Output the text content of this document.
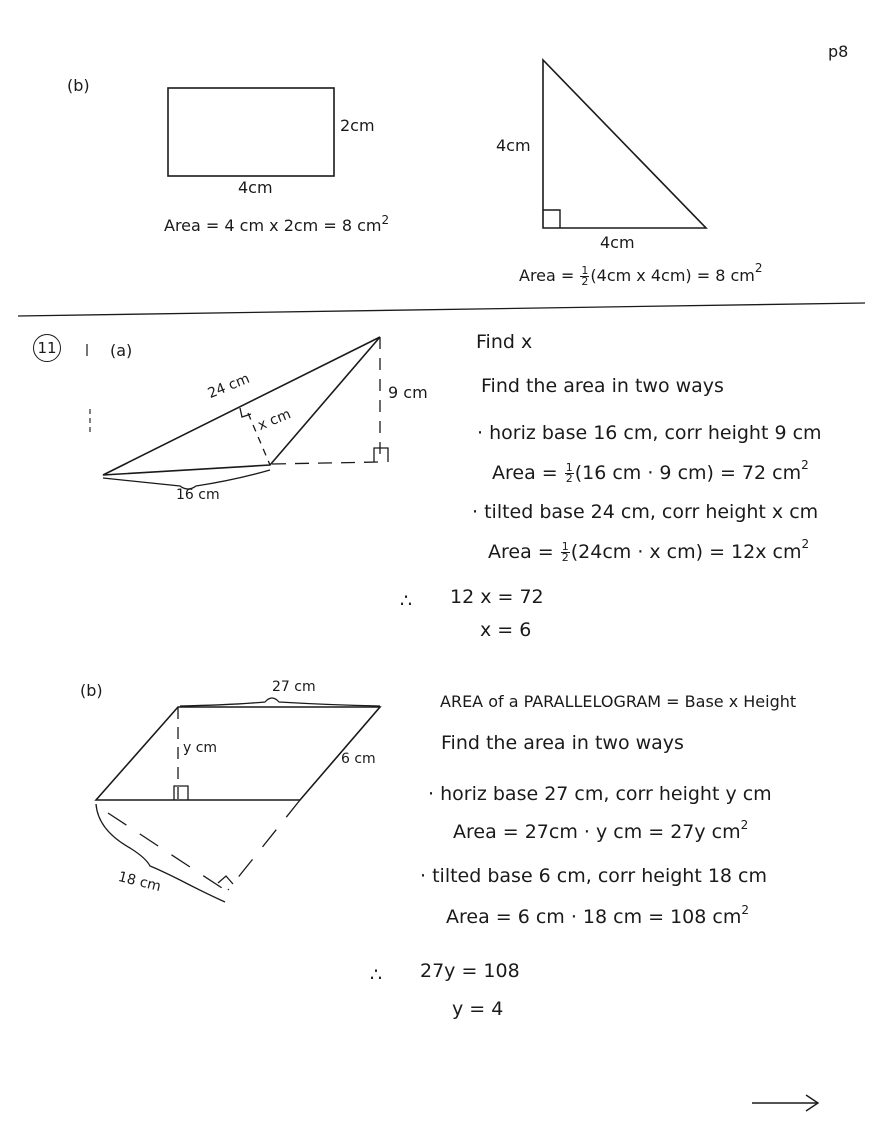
p8
(b)
2cm
4cm
Area = 4 cm x 2cm = 8 $cm^2$
4cm
4cm
Area = $\frac{1}{2} (4cm$ x 4cm) = 8 $cm^2$
11	(a)
24 cm
x cm
9 cm
16 cm
Find x
Find the area in two ways
· horiz base 16 cm, corr height 9 cm
Area = $\frac{1}{2} (16$ cm · 9 cm) = 72 $cm^2$
· tilted base 24 cm, corr height x cm
Area = $\frac{1}{2} (24cm \cdot x$ cm) = 12x $cm^2$
∴ 12 x = 72
x = 6
(b)	27 cm
y cm
6 cm
18 cm
AREA of a PARALLELOGRAM = Base x Height
Find the area in two ways
· horiz base 27 cm, corr height y cm
Area = 27cm · y cm = 27y $cm^2$
· tilted base 6 cm, corr height 18 cm
Area = 6 cm · 18 cm = 108 $cm^2$
∴ 27y = 108
y = 4
